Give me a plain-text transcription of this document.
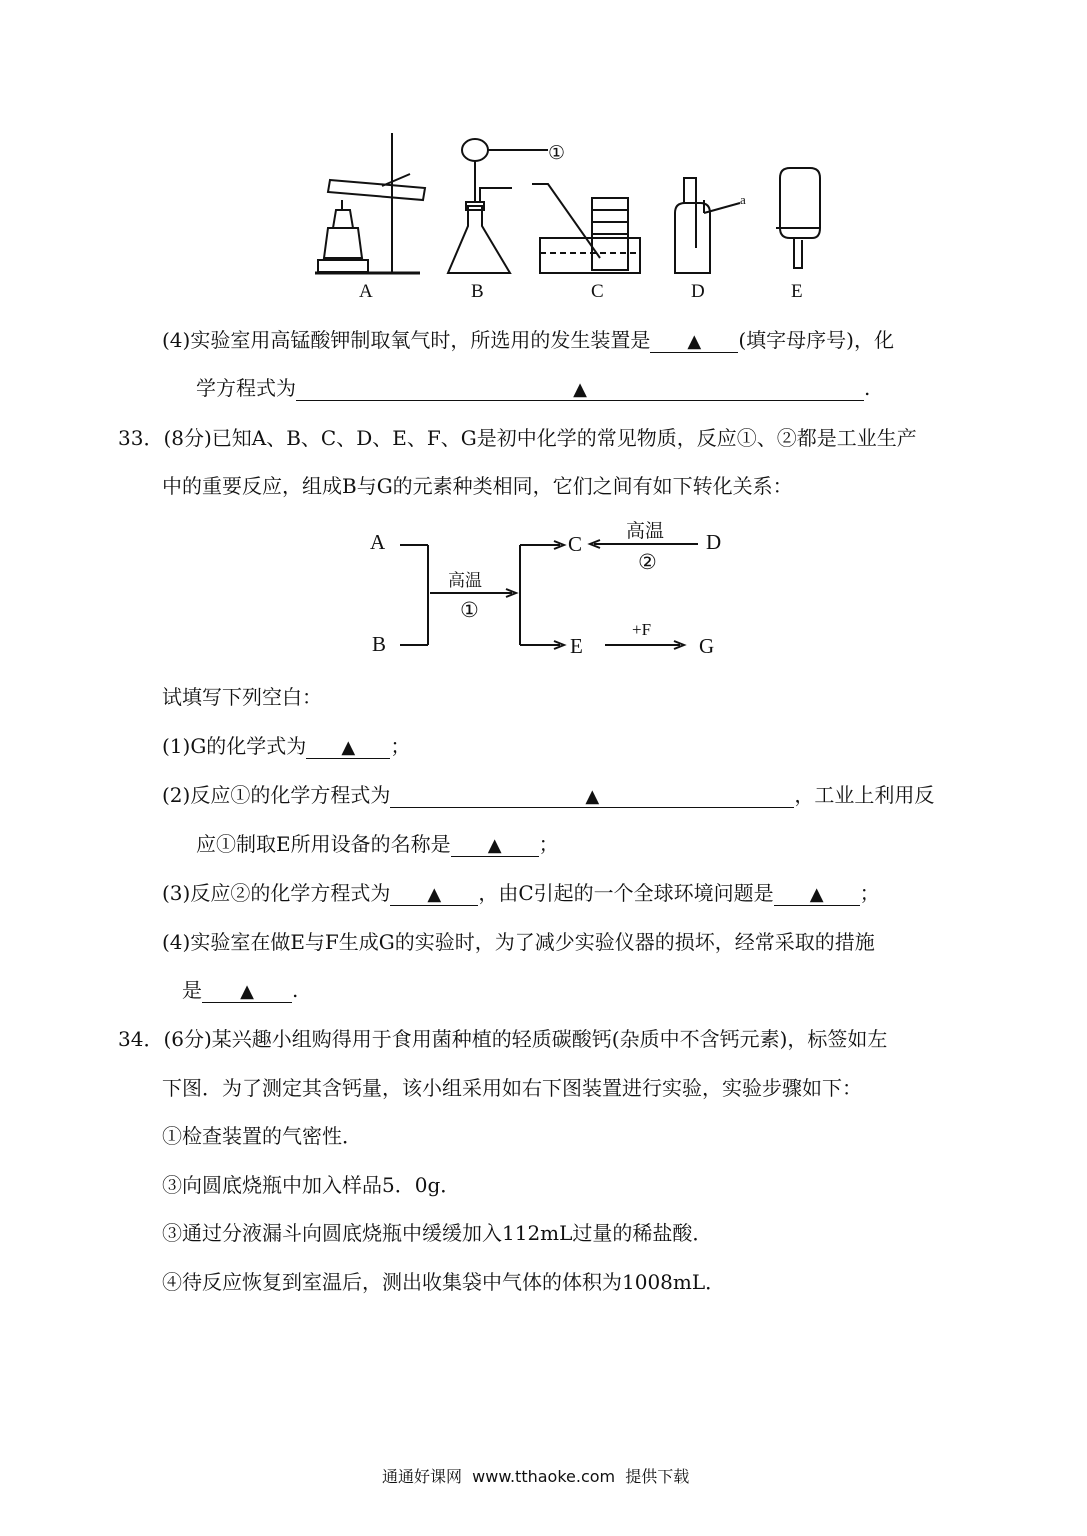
①
a
A	B	C	D	E
(4)实验室用高锰酸钾制取氧气时，所选用的发生装置是 ▲ (填字母序号)，化
学方程式为	▲	.
33．(8分)已知A、B、C、D、E、F、G是初中化学的常见物质，反应①、②都是工业生产
中的重要反应，组成B与G的元素种类相同，它们之间有如下转化关系：
A
B
C	D
E	G
高温
①
高温
②
+F
试填写下列空白：
(1)G的化学式为 ▲ ；
(2)反应①的化学方程式为	▲	，工业上利用反
应①制取E所用设备的名称是 ▲ ；
(3)反应②的化学方程式为 ▲ ，由C引起的一个全球环境问题是 ▲ ；
(4)实验室在做E与F生成G的实验时，为了减少实验仪器的损坏，经常采取的措施
是 ▲ .
34．(6分)某兴趣小组购得用于食用菌种植的轻质碳酸钙(杂质中不含钙元素)，标签如左
下图．为了测定其含钙量，该小组采用如右下图装置进行实验，实验步骤如下：
①检查装置的气密性．
③向圆底烧瓶中加入样品5．0g．
③通过分液漏斗向圆底烧瓶中缓缓加入112mL过量的稀盐酸．
④待反应恢复到室温后，测出收集袋中气体的体积为1008mL．
通通好课网  www.tthaoke.com  提供下载
